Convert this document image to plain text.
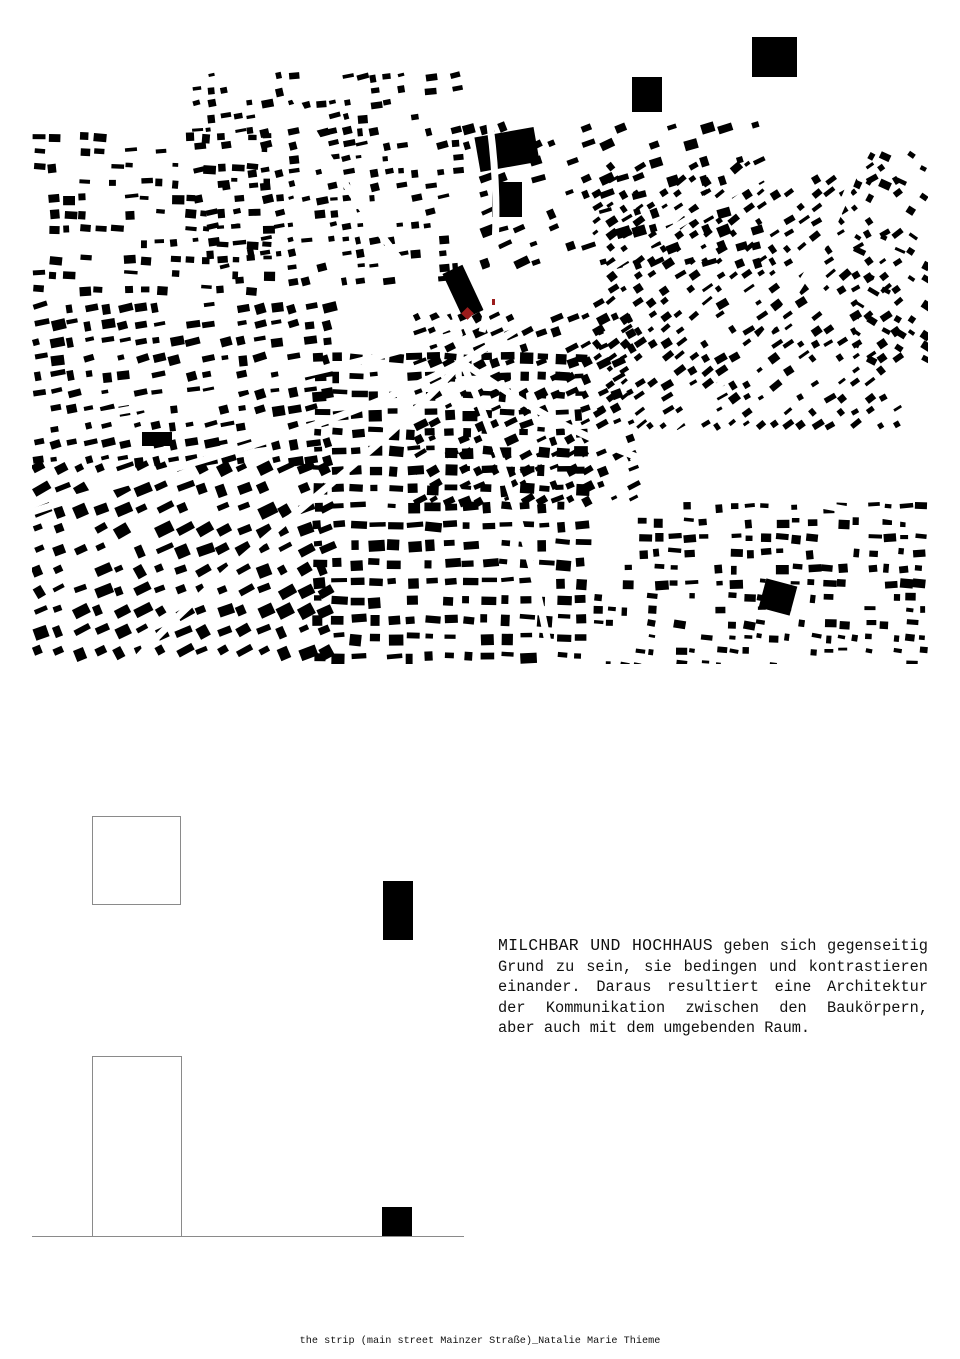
MILCHBAR UND HOCHHAUS geben sich gegenseitig Grund zu sein, sie bedingen und kontrastieren einander. Daraus resultiert eine Architektur der Kommunikation zwischen den Baukörpern, aber auch mit dem umgebenden Raum.
the strip (main street Mainzer Straße)_Natalie Marie Thieme
